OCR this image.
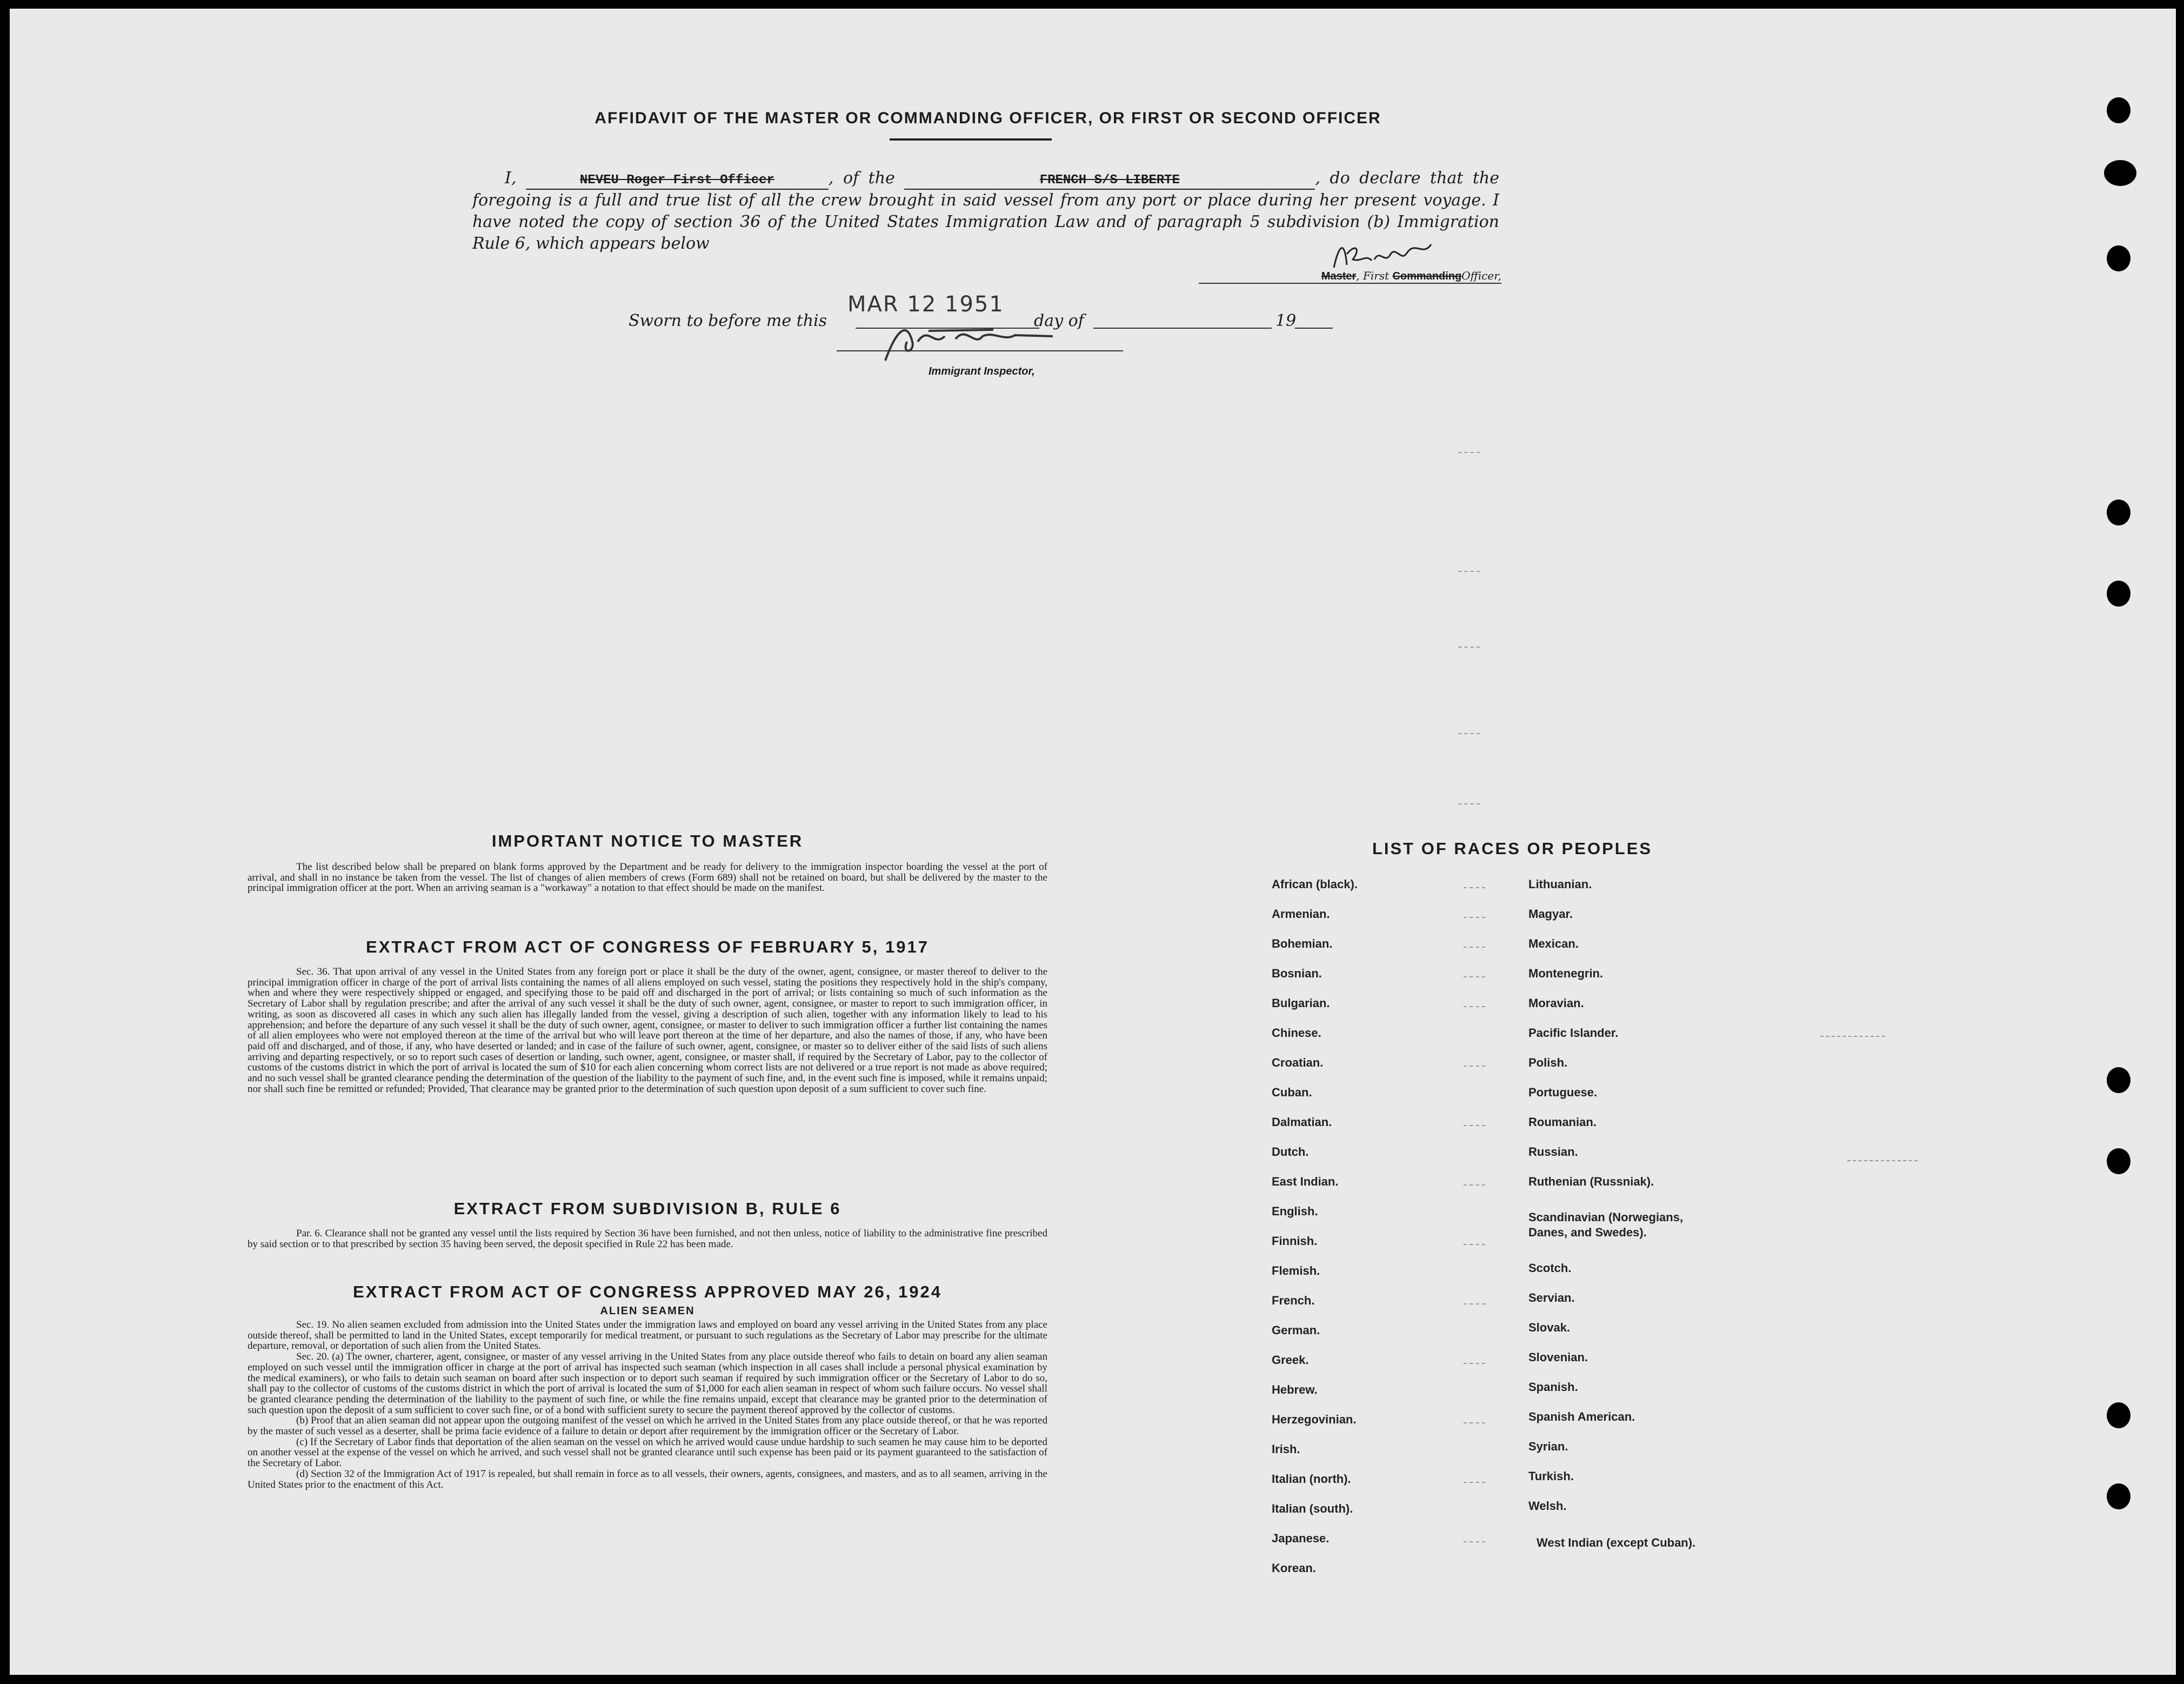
AFFIDAVIT OF THE MASTER OR COMMANDING OFFICER, OR FIRST OR SECOND OFFICER
I,	NEVEU Roger First Officer	, of the	FRENCH S/S LIBERTE	, do declare that the foregoing is a full and true list of all the crew brought in said vessel from any port or place during her present voyage. I have noted the copy of section 36 of the United States Immigration Law and of paragraph 5 subdivision (b) Immigration Rule 6, which appears below
Master, First CommandingOfficer,
Sworn to before me this
MAR 12 1951
day of	19
Immigrant Inspector,
IMPORTANT NOTICE TO MASTER

The list described below shall be prepared on blank forms approved by the Department and be ready for delivery to the immigration inspector boarding the vessel at the port of arrival, and shall in no instance be taken from the vessel. The list of changes of alien members of crews (Form 689) shall not be retained on board, but shall be delivered by the master to the principal immigration officer at the port. When an arriving seaman is a "workaway" a notation to that effect should be made on the manifest.

EXTRACT FROM ACT OF CONGRESS OF FEBRUARY 5, 1917

Sec. 36. That upon arrival of any vessel in the United States from any foreign port or place it shall be the duty of the owner, agent, consignee, or master thereof to deliver to the principal immigration officer in charge of the port of arrival lists containing the names of all aliens employed on such vessel, stating the positions they respectively hold in the ship's company, when and where they were respectively shipped or engaged, and specifying those to be paid off and discharged in the port of arrival; or lists containing so much of such information as the Secretary of Labor shall by regulation prescribe; and after the arrival of any such vessel it shall be the duty of such owner, agent, consignee, or master to report to such immigration officer, in writing, as soon as discovered all cases in which any such alien has illegally landed from the vessel, giving a description of such alien, together with any information likely to lead to his apprehension; and before the departure of any such vessel it shall be the duty of such owner, agent, consignee, or master to deliver to such immigration officer a further list containing the names of all alien employees who were not employed thereon at the time of the arrival but who will leave port thereon at the time of her departure, and also the names of those, if any, who have been paid off and discharged, and of those, if any, who have deserted or landed; and in case of the failure of such owner, agent, consignee, or master so to deliver either of the said lists of such aliens arriving and departing respectively, or so to report such cases of desertion or landing, such owner, agent, consignee, or master shall, if required by the Secretary of Labor, pay to the collector of customs of the customs district in which the port of arrival is located the sum of $10 for each alien concerning whom correct lists are not delivered or a true report is not made as above required; and no such vessel shall be granted clearance pending the determination of the question of the liability to the payment of such fine, and, in the event such fine is imposed, while it remains unpaid; nor shall such fine be remitted or refunded; Provided, That clearance may be granted prior to the determination of such question upon deposit of a sum sufficient to cover such fine.

EXTRACT FROM SUBDIVISION B, RULE 6

Par. 6. Clearance shall not be granted any vessel until the lists required by Section 36 have been furnished, and not then unless, notice of liability to the administrative fine prescribed by said section or to that prescribed by section 35 having been served, the deposit specified in Rule 22 has been made.

EXTRACT FROM ACT OF CONGRESS APPROVED MAY 26, 1924
ALIEN SEAMEN

Sec. 19. No alien seamen excluded from admission into the United States under the immigration laws and employed on board any vessel arriving in the United States from any place outside thereof, shall be permitted to land in the United States, except temporarily for medical treatment, or pursuant to such regulations as the Secretary of Labor may prescribe for the ultimate departure, removal, or deportation of such alien from the United States.

Sec. 20. (a) The owner, charterer, agent, consignee, or master of any vessel arriving in the United States from any place outside thereof who fails to detain on board any alien seaman employed on such vessel until the immigration officer in charge at the port of arrival has inspected such seaman (which inspection in all cases shall include a personal physical examination by the medical examiners), or who fails to detain such seaman on board after such inspection or to deport such seaman if required by such immigration officer or the Secretary of Labor to do so, shall pay to the collector of customs of the customs district in which the port of arrival is located the sum of $1,000 for each alien seaman in respect of whom such failure occurs. No vessel shall be granted clearance pending the determination of the liability to the payment of such fine, or while the fine remains unpaid, except that clearance may be granted prior to the determination of such question upon the deposit of a sum sufficient to cover such fine, or of a bond with sufficient surety to secure the payment thereof approved by the collector of customs.

(b) Proof that an alien seaman did not appear upon the outgoing manifest of the vessel on which he arrived in the United States from any place outside thereof, or that he was reported by the master of such vessel as a deserter, shall be prima facie evidence of a failure to detain or deport after requirement by the immigration officer or the Secretary of Labor.

(c) If the Secretary of Labor finds that deportation of the alien seaman on the vessel on which he arrived would cause undue hardship to such seamen he may cause him to be deported on another vessel at the expense of the vessel on which he arrived, and such vessel shall not be granted clearance until such expense has been paid or its payment guaranteed to the satisfaction of the Secretary of Labor.

(d) Section 32 of the Immigration Act of 1917 is repealed, but shall remain in force as to all vessels, their owners, agents, consignees, and masters, and as to all seamen, arriving in the United States prior to the enactment of this Act.

LIST OF RACES OR PEOPLES
African (black).
Armenian.
Bohemian.
Bosnian.
Bulgarian.
Chinese.
Croatian.
Cuban.
Dalmatian.
Dutch.
East Indian.
English.
Finnish.
Flemish.
French.
German.
Greek.
Hebrew.
Herzegovinian.
Irish.
Italian (north).
Italian (south).
Japanese.
Korean.
Lithuanian.
Magyar.
Mexican.
Montenegrin.
Moravian.
Pacific Islander.
Polish.
Portuguese.
Roumanian.
Russian.
Ruthenian (Russniak).
Scandinavian (Norwegians, Danes, and Swedes).
Scotch.
Servian.
Slovak.
Slovenian.
Spanish.
Spanish American.
Syrian.
Turkish.
Welsh.
West Indian (except Cuban).
